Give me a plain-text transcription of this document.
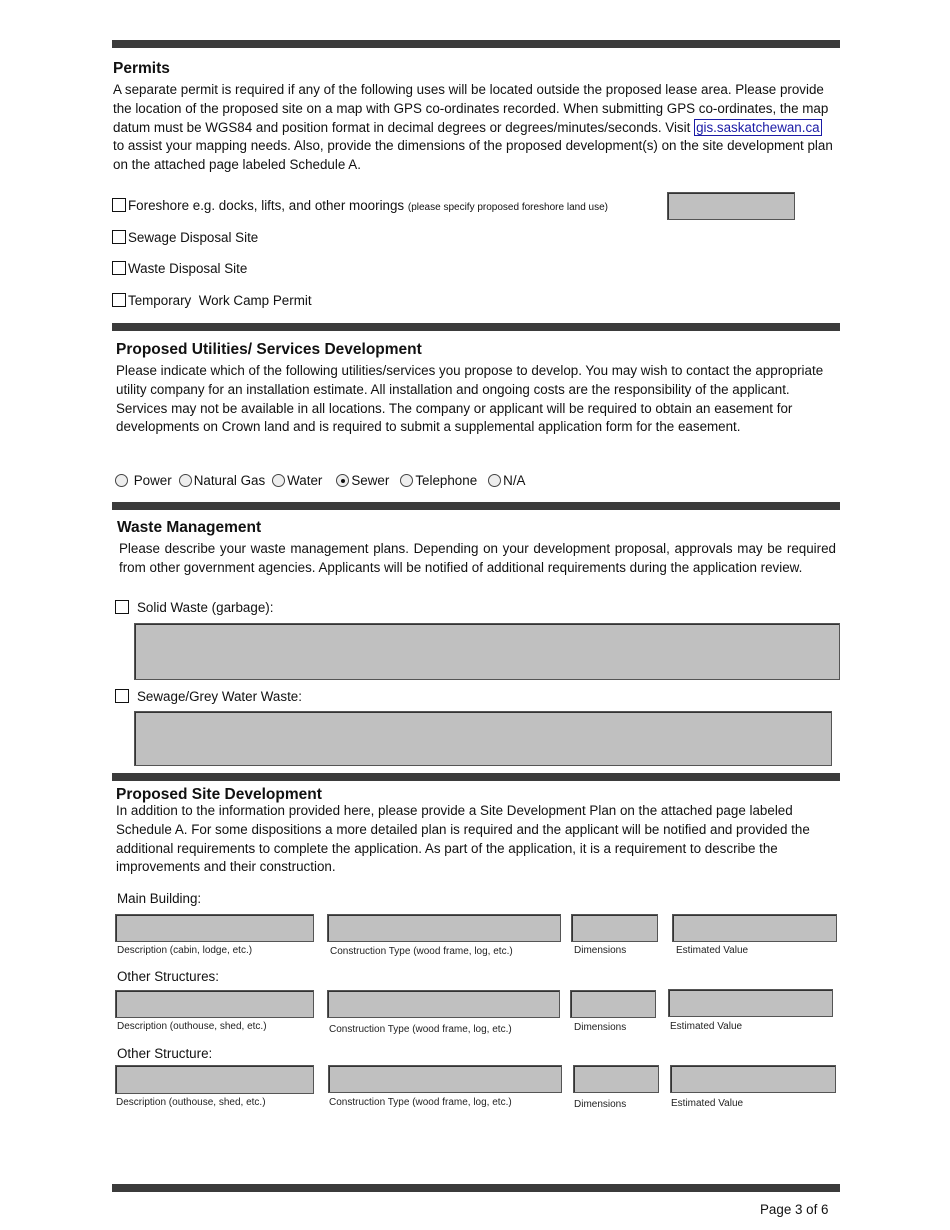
Permits

A separate permit is required if any of the following uses will be located outside the proposed lease area. Please provide the location of the proposed site on a map with GPS co-ordinates recorded. When submitting GPS co-ordinates, the map datum must be WGS84 and position format in decimal degrees or degrees/minutes/seconds. Visit gis.saskatchewan.ca to assist your mapping needs. Also, provide the dimensions of the proposed development(s) on the site development plan on the attached page labeled Schedule A.

Foreshore e.g. docks, lifts, and other moorings (please specify proposed foreshore land use)
Sewage Disposal Site
Waste Disposal Site
Temporary  Work Camp Permit
Proposed Utilities/ Services Development

Please indicate which of the following utilities/services you propose to develop. You may wish to contact the appropriate utility company for an installation estimate. All installation and ongoing costs are the responsibility of the applicant. Services may not be available in all locations. The company or applicant will be required to obtain an easement for developments on Crown land and is required to submit a supplemental application form for the easement.

Power Natural Gas Water Sewer Telephone N/A
Waste Management

Please describe your waste management plans. Depending on your development proposal, approvals may be required from other government agencies. Applicants will be notified of additional requirements during the application review.

Solid Waste (garbage):
Sewage/Grey Water Waste:
Proposed Site Development

In addition to the information provided here, please provide a Site Development Plan on the attached page labeled Schedule A. For some dispositions a more detailed plan is required and the applicant will be notified and provided the additional requirements to complete the application. As part of the application, it is a requirement to describe the improvements and their construction.

Main Building:
Description (cabin, lodge, etc.)	Construction Type (wood frame, log, etc.)	Dimensions	Estimated Value
Other Structures:
Description (outhouse, shed, etc.)	Construction Type (wood frame, log, etc.)	Dimensions	Estimated Value
Other Structure:
Description (outhouse, shed, etc.)	Construction Type (wood frame, log, etc.)	Dimensions	Estimated Value
Page 3 of 6
